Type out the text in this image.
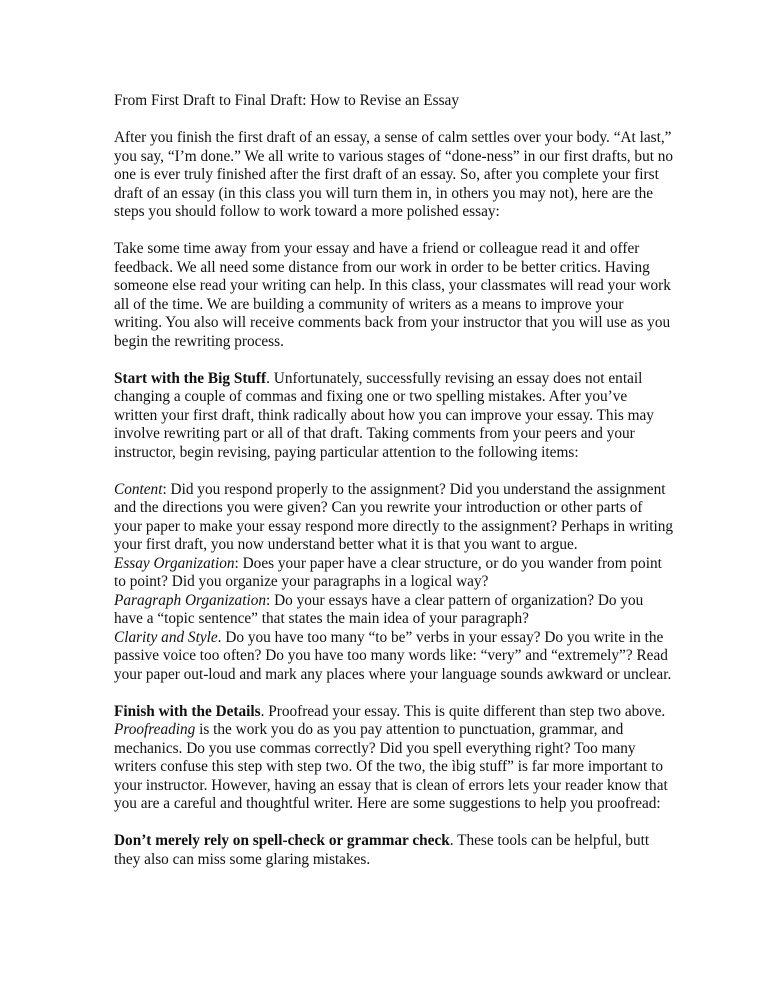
From First Draft to Final Draft: How to Revise an Essay

After you finish the first draft of an essay, a sense of calm settles over your body. “At last,” you say, “I’m done.” We all write to various stages of “done-ness” in our first drafts, but no one is ever truly finished after the first draft of an essay. So, after you complete your first draft of an essay (in this class you will turn them in, in others you may not), here are the steps you should follow to work toward a more polished essay:

Take some time away from your essay and have a friend or colleague read it and offer feedback. We all need some distance from our work in order to be better critics. Having someone else read your writing can help. In this class, your classmates will read your work all of the time. We are building a community of writers as a means to improve your writing. You also will receive comments back from your instructor that you will use as you begin the rewriting process.

Start with the Big Stuff. Unfortunately, successfully revising an essay does not entail changing a couple of commas and fixing one or two spelling mistakes. After you’ve written your first draft, think radically about how you can improve your essay. This may involve rewriting part or all of that draft. Taking comments from your peers and your instructor, begin revising, paying particular attention to the following items:

Content: Did you respond properly to the assignment? Did you understand the assignment and the directions you were given? Can you rewrite your introduction or other parts of your paper to make your essay respond more directly to the assignment? Perhaps in writing your first draft, you now understand better what it is that you want to argue.

Essay Organization: Does your paper have a clear structure, or do you wander from point to point? Did you organize your paragraphs in a logical way?

Paragraph Organization: Do your essays have a clear pattern of organization? Do you have a “topic sentence” that states the main idea of your paragraph?

Clarity and Style. Do you have too many “to be” verbs in your essay? Do you write in the passive voice too often? Do you have too many words like: “very” and “extremely”? Read your paper out-loud and mark any places where your language sounds awkward or unclear.

Finish with the Details. Proofread your essay. This is quite different than step two above. Proofreading is the work you do as you pay attention to punctuation, grammar, and mechanics. Do you use commas correctly? Did you spell everything right? Too many writers confuse this step with step two. Of the two, the ìbig stuff” is far more important to your instructor. However, having an essay that is clean of errors lets your reader know that you are a careful and thoughtful writer. Here are some suggestions to help you proofread:

Don’t merely rely on spell-check or grammar check. These tools can be helpful, butt they also can miss some glaring mistakes.
